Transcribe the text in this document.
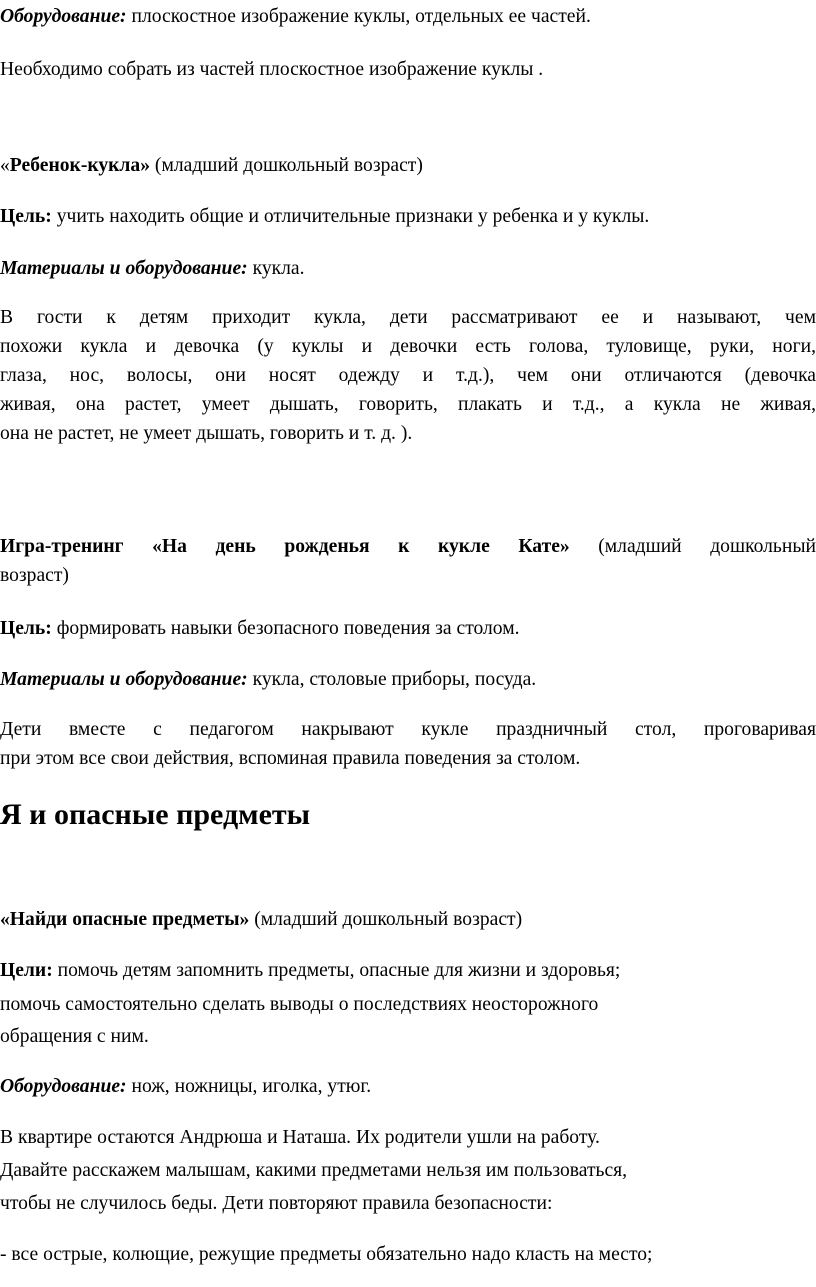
Оборудование: плоскостное изображение куклы, отдельных ее частей.

Необходимо собрать из частей плоскостное изображение куклы .

«Ребенок-кукла» (младший дошкольный возраст)

Цель: учить находить общие и отличительные признаки у ребенка и у куклы.

Материалы и оборудование: кукла.

В гости к детям приходит кукла, дети рассматривают ее и называют, чем
похожи кукла и девочка (у куклы и девочки есть голова, туловище, руки, ноги,
глаза, нос, волосы, они носят одежду и т.д.), чем они отличаются (девочка
живая, она растет, умеет дышать, говорить, плакать и т.д., а кукла не живая,
она не растет, не умеет дышать, говорить и т. д. ).
Игра-тренинг «На день рожденья к кукле Кате» (младший дошкольный
возраст)

Цель: формировать навыки безопасного поведения за столом.

Материалы и оборудование: кукла, столовые приборы, посуда.

Дети вместе с педагогом накрывают кукле праздничный стол, проговаривая
при этом все свои действия, вспоминая правила поведения за столом.
Я и опасные предметы

«Найди опасные предметы» (младший дошкольный возраст)

Цели: помочь детям запомнить предметы, опасные для жизни и здоровья;

помочь самостоятельно сделать выводы о последствиях неосторожного

обращения с ним.

Оборудование: нож, ножницы, иголка, утюг.

В квартире остаются Андрюша и Наташа. Их родители ушли на работу.

Давайте расскажем малышам, какими предметами нельзя им пользоваться,

чтобы не случилось беды. Дети повторяют правила безопасности:

- все острые, колющие, режущие предметы обязательно надо класть на место;
